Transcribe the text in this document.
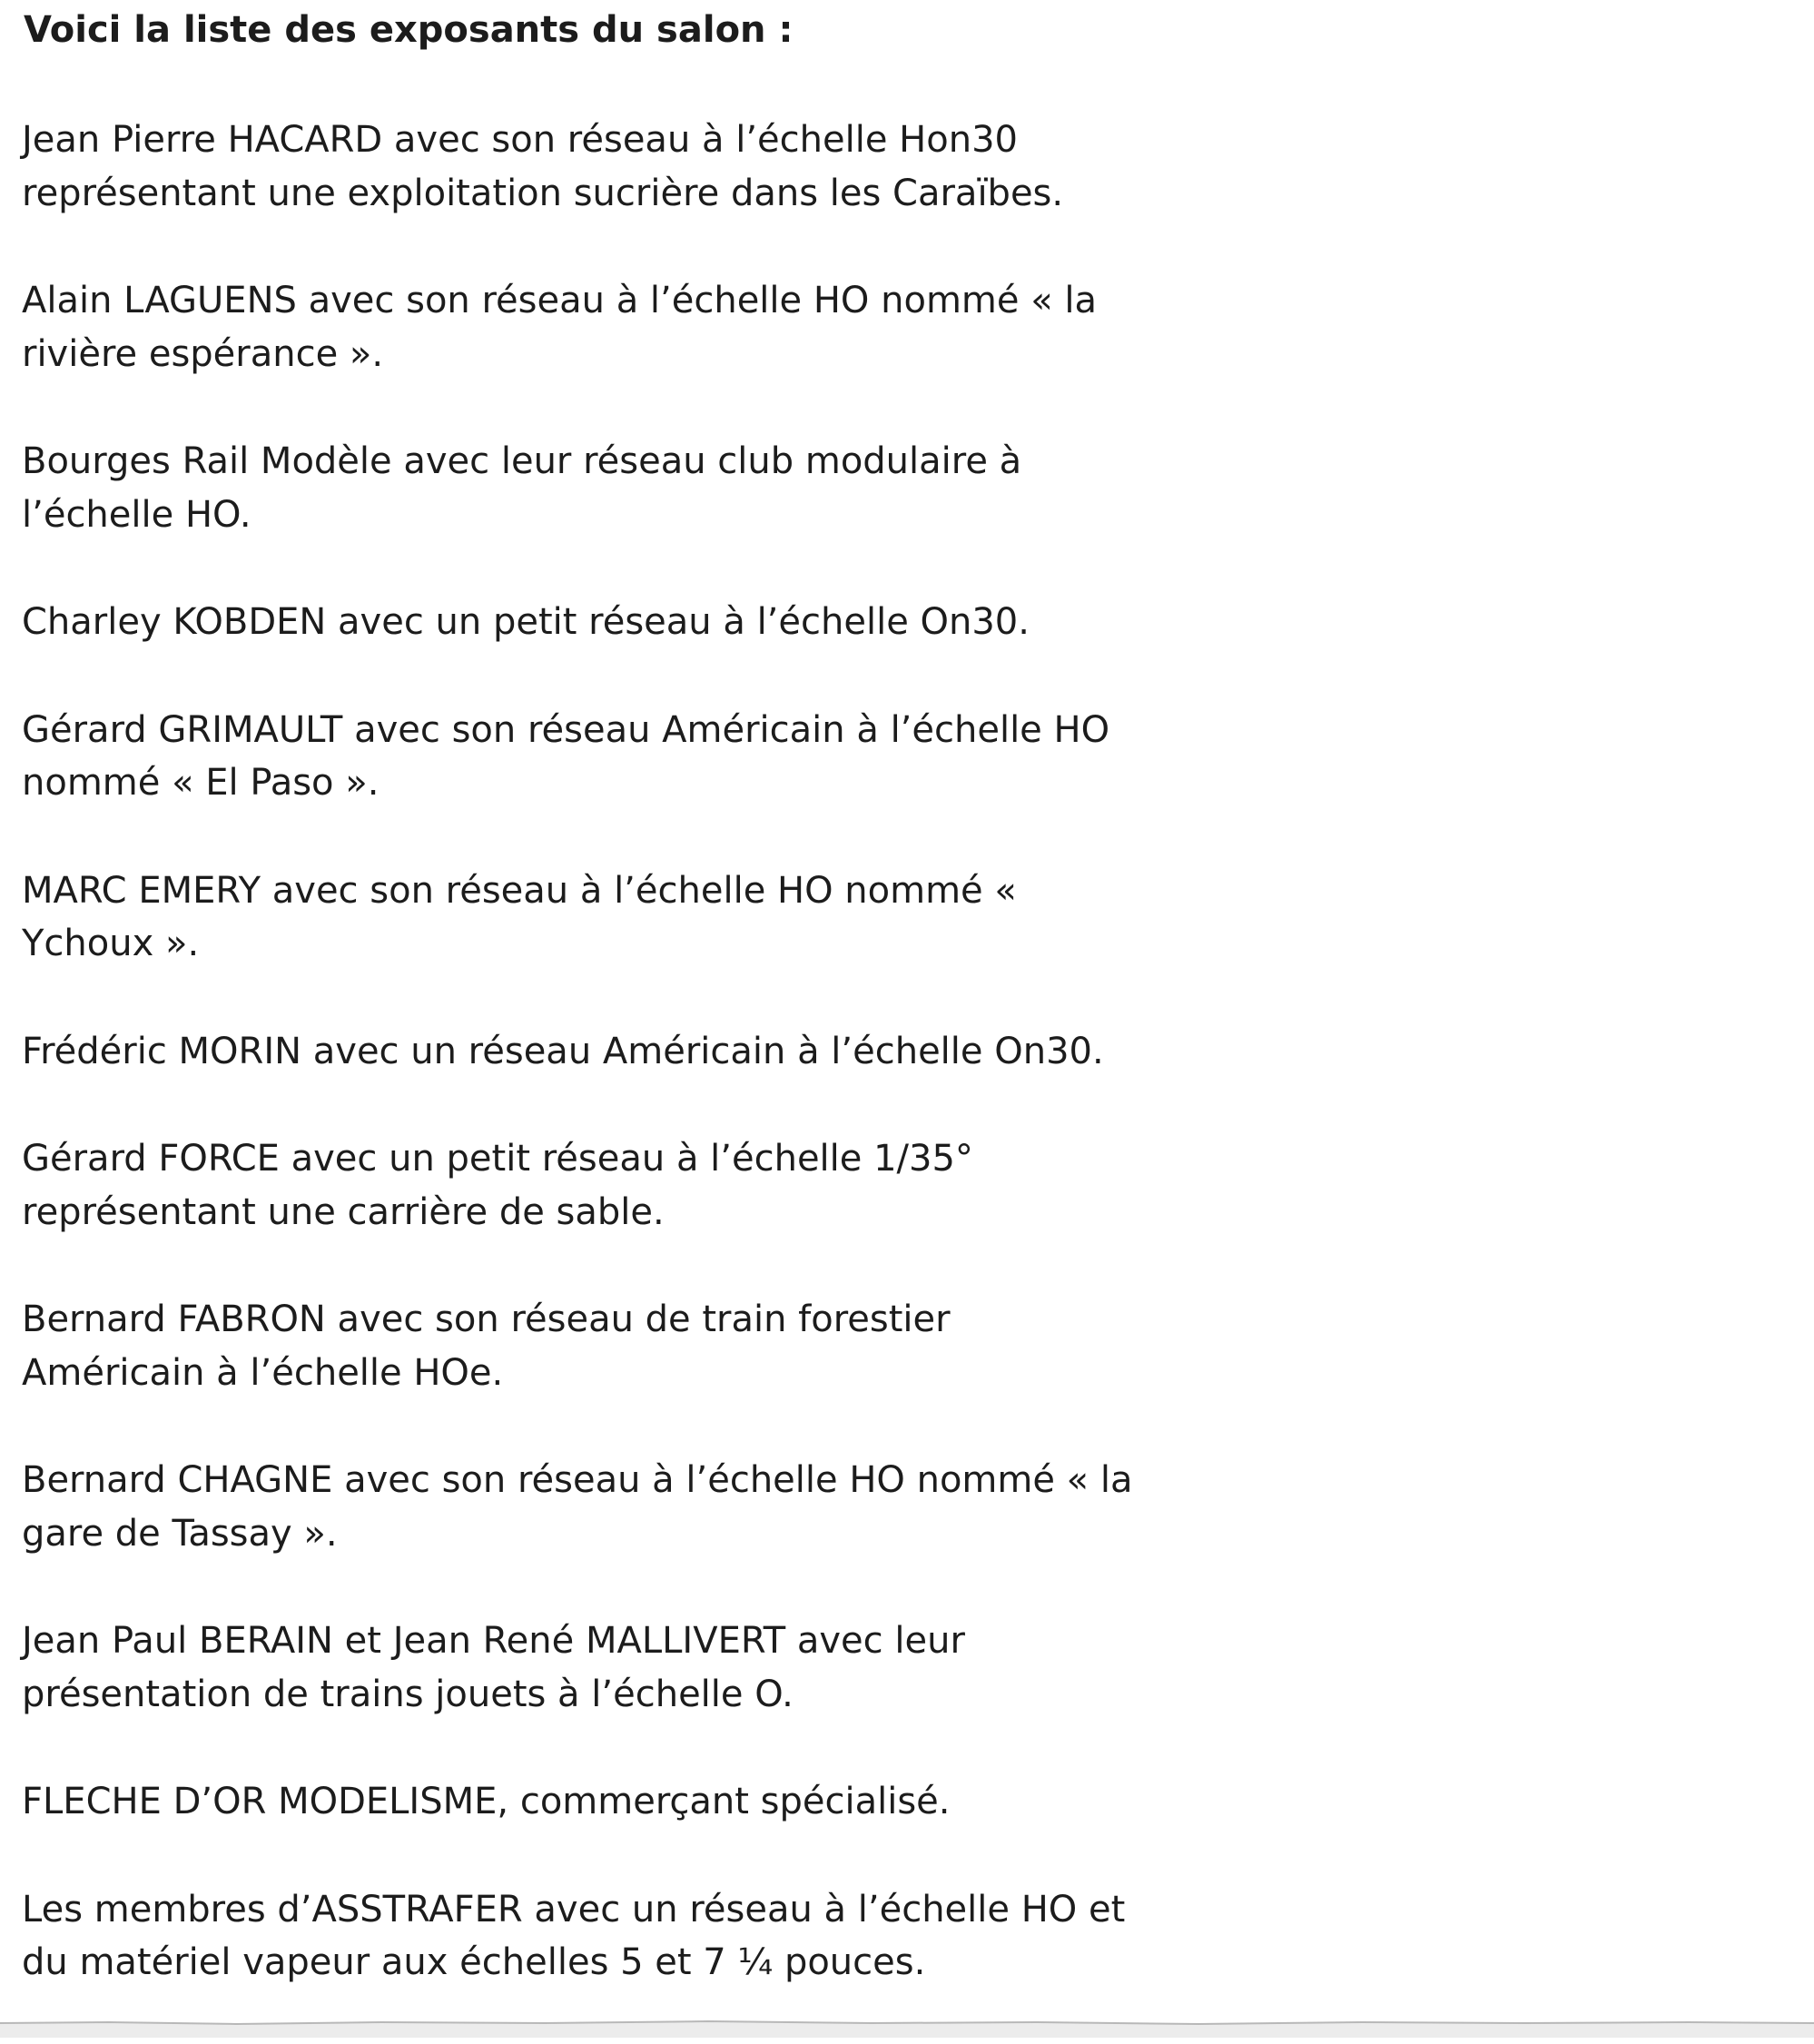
Voici la liste des exposants du salon :
Jean Pierre HACARD avec son réseau à l’échelle Hon30
représentant une exploitation sucrière dans les Caraïbes.
Alain LAGUENS avec son réseau à l’échelle HO nommé « la
rivière espérance ».
Bourges Rail Modèle avec leur réseau club modulaire à
l’échelle HO.
Charley KOBDEN avec un petit réseau à l’échelle On30.
Gérard GRIMAULT avec son réseau Américain à l’échelle HO
nommé « El Paso ».
MARC EMERY avec son réseau à l’échelle HO nommé «
Ychoux ».
Frédéric MORIN avec un réseau Américain à l’échelle On30.
Gérard FORCE avec un petit réseau à l’échelle 1/35°
représentant une carrière de sable.
Bernard FABRON avec son réseau de train forestier
Américain à l’échelle HOe.
Bernard CHAGNE avec son réseau à l’échelle HO nommé « la
gare de Tassay ».
Jean Paul BERAIN et Jean René MALLIVERT avec leur
présentation de trains jouets à l’échelle O.
FLECHE D’OR MODELISME, commerçant spécialisé.
Les membres d’ASSTRAFER avec un réseau à l’échelle HO et
du matériel vapeur aux échelles 5 et 7 ¼ pouces.
